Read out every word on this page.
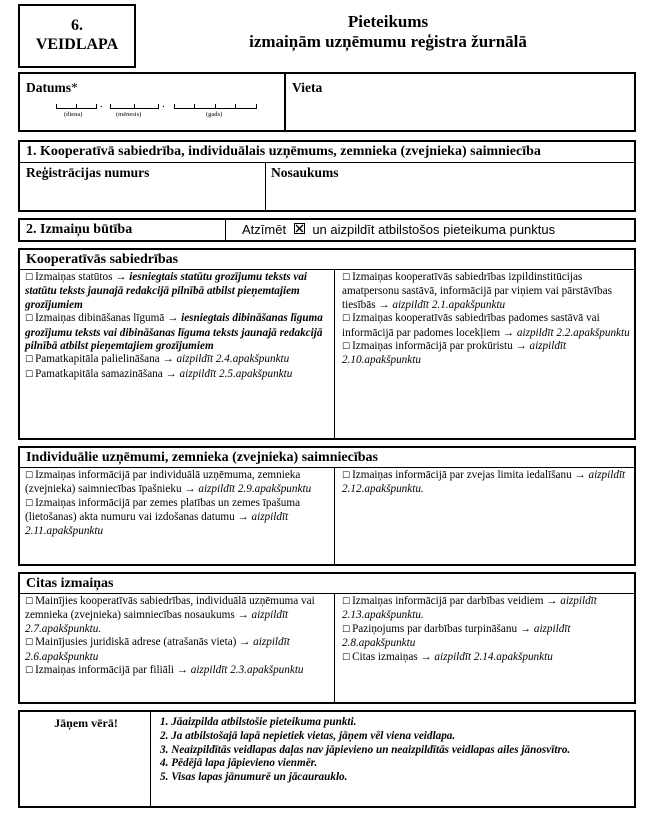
6.
VEIDLAPA
Pieteikums
izmaiņām uzņēmumu reģistra žurnālā
Datums*	Vieta
.	.
(diena)	(mēnesis)	(gads)
1. Kooperatīvā sabiedrība, individuālais uzņēmums, zemnieka (zvejnieka) saimniecība
Reģistrācijas numurs	Nosaukums
2. Izmaiņu būtība	Atzīmēt un aizpildīt atbilstošos pieteikuma punktus
Kooperatīvās sabiedrības
☐ Izmaiņas statūtos → iesniegtais statūtu grozījumu teksts vai statūtu teksts jaunajā redakcijā pilnībā atbilst pieņemtajiem grozījumiem
☐ Izmaiņas dibināšanas līgumā → iesniegtais dibināšanas līguma grozījumu teksts vai dibināšanas līguma teksts jaunajā redakcijā pilnībā atbilst pieņemtajiem grozījumiem
☐ Pamatkapitāla palielināšana → aizpildīt 2.4.apakšpunktu
☐ Pamatkapitāla samazināšana → aizpildīt 2.5.apakšpunktu
☐ Izmaiņas kooperatīvās sabiedrības izpildinstitūcijas amatpersonu sastāvā, informācijā par viņiem vai pārstāvības tiesībās → aizpildīt 2.1.apakšpunktu
☐ Izmaiņas kooperatīvās sabiedrības padomes sastāvā vai informācijā par padomes locekļiem → aizpildīt 2.2.apakšpunktu
☐ Izmaiņas informācijā par prokūristu → aizpildīt 2.10.apakšpunktu
Individuālie uzņēmumi, zemnieka (zvejnieka) saimniecības
☐ Izmaiņas informācijā par individuālā uzņēmuma, zemnieka (zvejnieka) saimniecības īpašnieku → aizpildīt 2.9.apakšpunktu
☐ Izmaiņas informācijā par zemes platības un zemes īpašuma (lietošanas) akta numuru vai izdošanas datumu → aizpildīt 2.11.apakšpunktu
☐ Izmaiņas informācijā par zvejas limita iedalīšanu → aizpildīt 2.12.apakšpunktu.
Citas izmaiņas
☐ Mainījies kooperatīvās sabiedrības, individuālā uzņēmuma vai zemnieka (zvejnieka) saimniecības nosaukums → aizpildīt 2.7.apakšpunktu.
☐ Mainījusies juridiskā adrese (atrašanās vieta) → aizpildīt 2.6.apakšpunktu
☐ Izmaiņas informācijā par filiāli → aizpildīt 2.3.apakšpunktu
☐ Izmaiņas informācijā par darbības veidiem → aizpildīt 2.13.apakšpunktu.
☐ Paziņojums par darbības turpināšanu → aizpildīt 2.8.apakšpunktu
☐ Citas izmaiņas → aizpildīt 2.14.apakšpunktu
Jāņem vērā!	1. Jāaizpilda atbilstošie pieteikuma punkti.
2. Ja atbilstošajā lapā nepietiek vietas, jāņem vēl viena veidlapa.
3. Neaizpildītās veidlapas daļas nav jāpievieno un neaizpildītās veidlapas ailes jānosvītro.
4. Pēdējā lapa jāpievieno vienmēr.
5. Visas lapas jānumurē un jācaurauklo.
